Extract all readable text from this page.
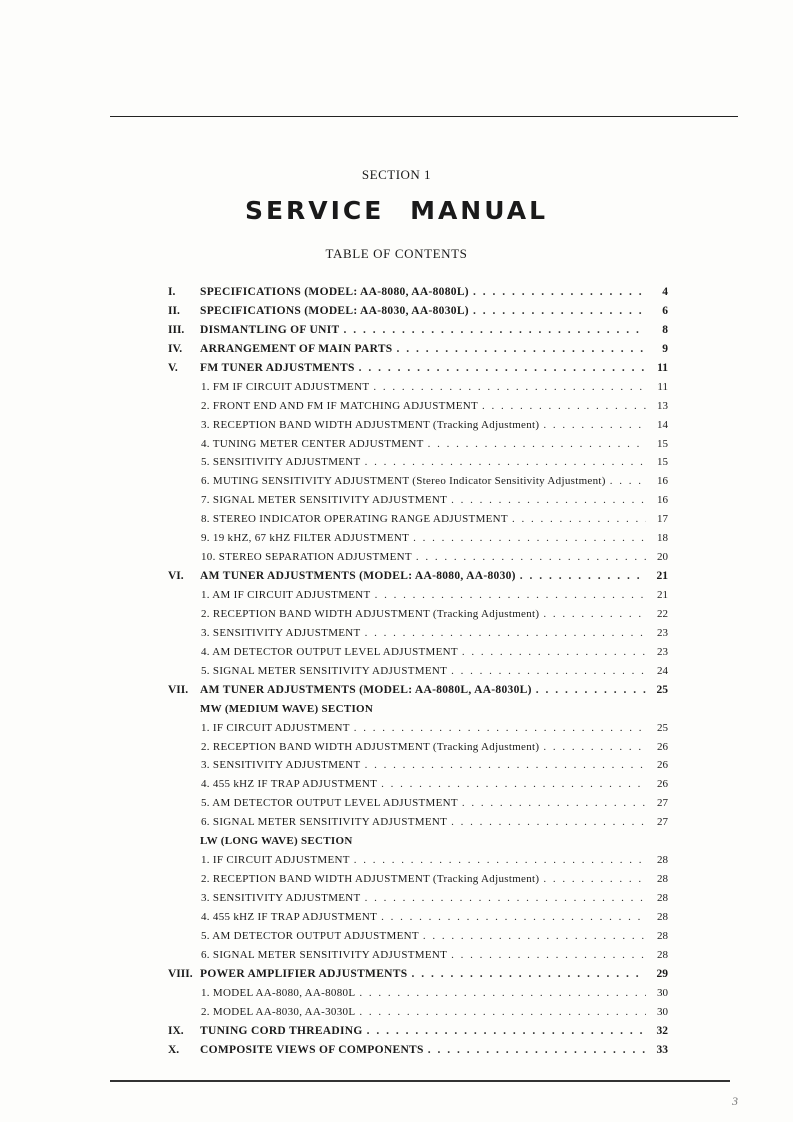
SECTION 1
SERVICE MANUAL
TABLE OF CONTENTS
I.	SPECIFICATIONS (MODEL: AA-8080, AA-8080L) . . .	4
II.	SPECIFICATIONS (MODEL: AA-8030, AA-8030L) . . .	6
III.	DISMANTLING OF UNIT . . .	8
IV.	ARRANGEMENT OF MAIN PARTS . . .	9
V.	FM TUNER ADJUSTMENTS . . .	11
1. FM IF CIRCUIT ADJUSTMENT . . .	11
2. FRONT END AND FM IF MATCHING ADJUSTMENT . . .	13
3. RECEPTION BAND WIDTH ADJUSTMENT (Tracking Adjustment) . . .	14
4. TUNING METER CENTER ADJUSTMENT . . .	15
5. SENSITIVITY ADJUSTMENT . . .	15
6. MUTING SENSITIVITY ADJUSTMENT (Stereo Indicator Sensitivity Adjustment) . . .	16
7. SIGNAL METER SENSITIVITY ADJUSTMENT . . .	16
8. STEREO INDICATOR OPERATING RANGE ADJUSTMENT . . .	17
9. 19 kHZ, 67 kHZ FILTER ADJUSTMENT . . .	18
10. STEREO SEPARATION ADJUSTMENT . . .	20
VI.	AM TUNER ADJUSTMENTS (MODEL: AA-8080, AA-8030) . . .	21
1. AM IF CIRCUIT ADJUSTMENT . . .	21
2. RECEPTION BAND WIDTH ADJUSTMENT (Tracking Adjustment) . . .	22
3. SENSITIVITY ADJUSTMENT . . .	23
4. AM DETECTOR OUTPUT LEVEL ADJUSTMENT . . .	23
5. SIGNAL METER SENSITIVITY ADJUSTMENT . . .	24
VII.	AM TUNER ADJUSTMENTS (MODEL: AA-8080L, AA-8030L) . . .	25
MW (MEDIUM WAVE) SECTION
1. IF CIRCUIT ADJUSTMENT . . .	25
2. RECEPTION BAND WIDTH ADJUSTMENT (Tracking Adjustment) . . .	26
3. SENSITIVITY ADJUSTMENT . . .	26
4. 455 kHZ IF TRAP ADJUSTMENT . . .	26
5. AM DETECTOR OUTPUT LEVEL ADJUSTMENT . . .	27
6. SIGNAL METER SENSITIVITY ADJUSTMENT . . .	27
LW (LONG WAVE) SECTION
1. IF CIRCUIT ADJUSTMENT . . .	28
2. RECEPTION BAND WIDTH ADJUSTMENT (Tracking Adjustment) . . .	28
3. SENSITIVITY ADJUSTMENT . . .	28
4. 455 kHZ IF TRAP ADJUSTMENT . . .	28
5. AM DETECTOR OUTPUT ADJUSTMENT . . .	28
6. SIGNAL METER SENSITIVITY ADJUSTMENT . . .	28
VIII. POWER AMPLIFIER ADJUSTMENTS . . .	29
1. MODEL AA-8080, AA-8080L . . .	30
2. MODEL AA-8030, AA-3030L . . .	30
IX.	TUNING CORD THREADING . . .	32
X.	COMPOSITE VIEWS OF COMPONENTS . . .	33
3
